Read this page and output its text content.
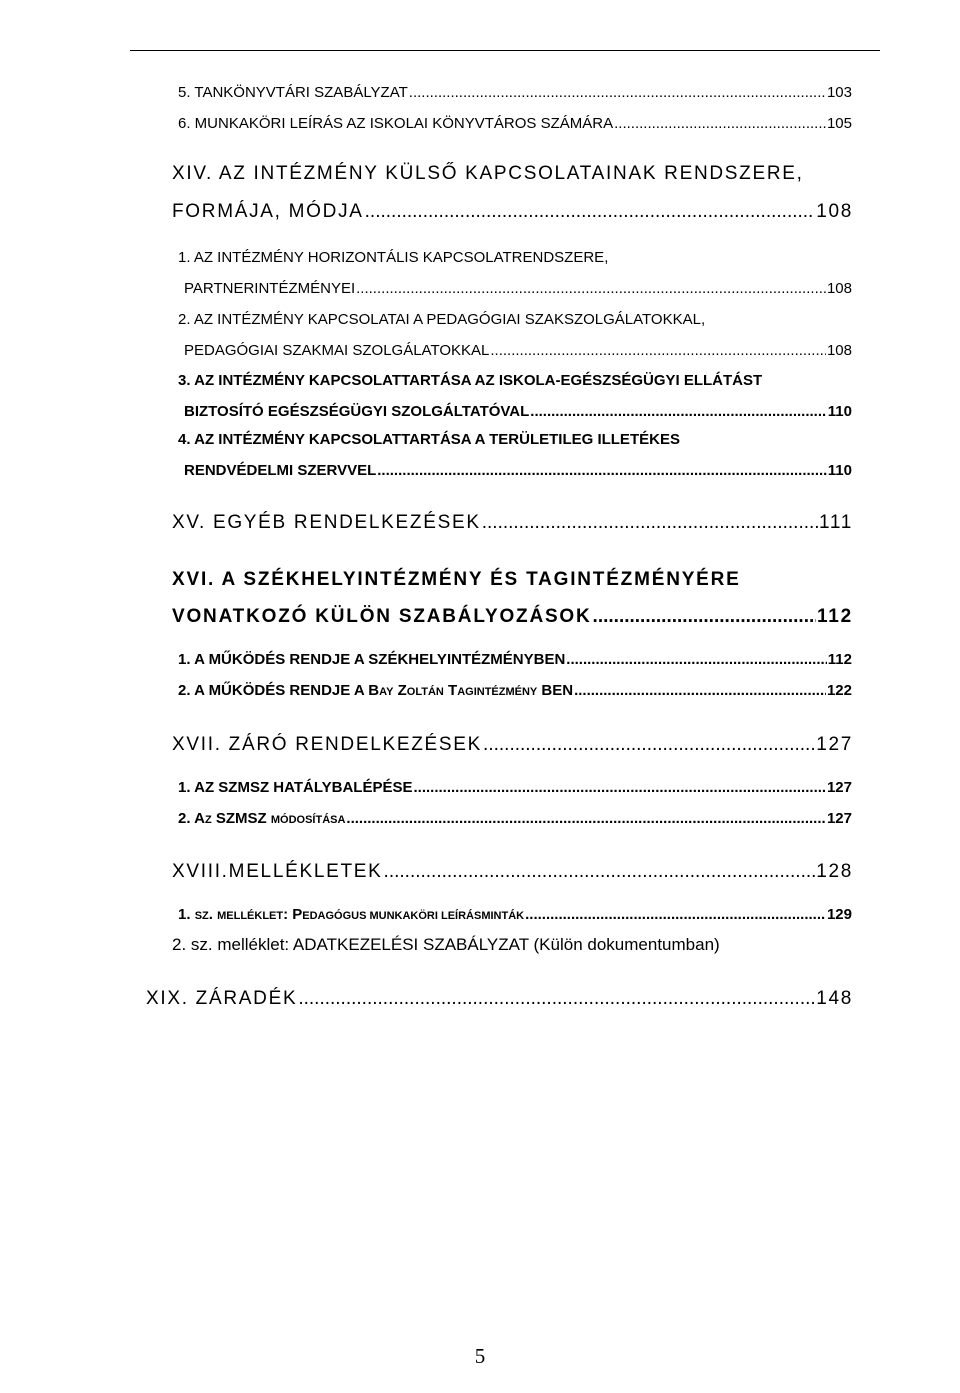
5. TANKÖNYVTÁRI SZABÁLYZAT .....	103
6. MUNKAKÖRI LEÍRÁS AZ ISKOLAI KÖNYVTÁROS SZÁMÁRA .....	105
XIV. AZ INTÉZMÉNY KÜLSŐ KAPCSOLATAINAK RENDSZERE,
FORMÁJA, MÓDJA .....	108
1. AZ INTÉZMÉNY HORIZONTÁLIS KAPCSOLATRENDSZERE,
PARTNERINTÉZMÉNYEI .....	108
2. AZ INTÉZMÉNY KAPCSOLATAI A PEDAGÓGIAI SZAKSZOLGÁLATOKKAL,
PEDAGÓGIAI SZAKMAI SZOLGÁLATOKKAL .....	108
3. AZ INTÉZMÉNY KAPCSOLATTARTÁSA AZ ISKOLA-EGÉSZSÉGÜGYI ELLÁTÁST
BIZTOSÍTÓ EGÉSZSÉGÜGYI SZOLGÁLTATÓVAL .....	110
4. AZ INTÉZMÉNY KAPCSOLATTARTÁSA A TERÜLETILEG ILLETÉKES
RENDVÉDELMI SZERVVEL .....	110
XV. EGYÉB RENDELKEZÉSEK .....	111
XVI. A SZÉKHELYINTÉZMÉNY ÉS TAGINTÉZMÉNYÉRE
VONATKOZÓ KÜLÖN SZABÁLYOZÁSOK .....	112
1. A MŰKÖDÉS RENDJE A SZÉKHELYINTÉZMÉNYBEN .....	112
2. A MŰKÖDÉS RENDJE A BAY ZOLTÁN TAGINTÉZMÉNY BEN .....	122
XVII. ZÁRÓ RENDELKEZÉSEK .....	127
1. AZ SZMSZ HATÁLYBALÉPÉSE .....	127
2. AZ SZMSZ MÓDOSÍTÁSA .....	127
XVIII.MELLÉKLETEK .....	128
1. SZ. MELLÉKLET: PEDAGÓGUS MUNKAKÖRI LEÍRÁSMINTÁK .....	129
2. sz. melléklet: ADATKEZELÉSI SZABÁLYZAT (Külön dokumentumban)
XIX. ZÁRADÉK .....	148
5
